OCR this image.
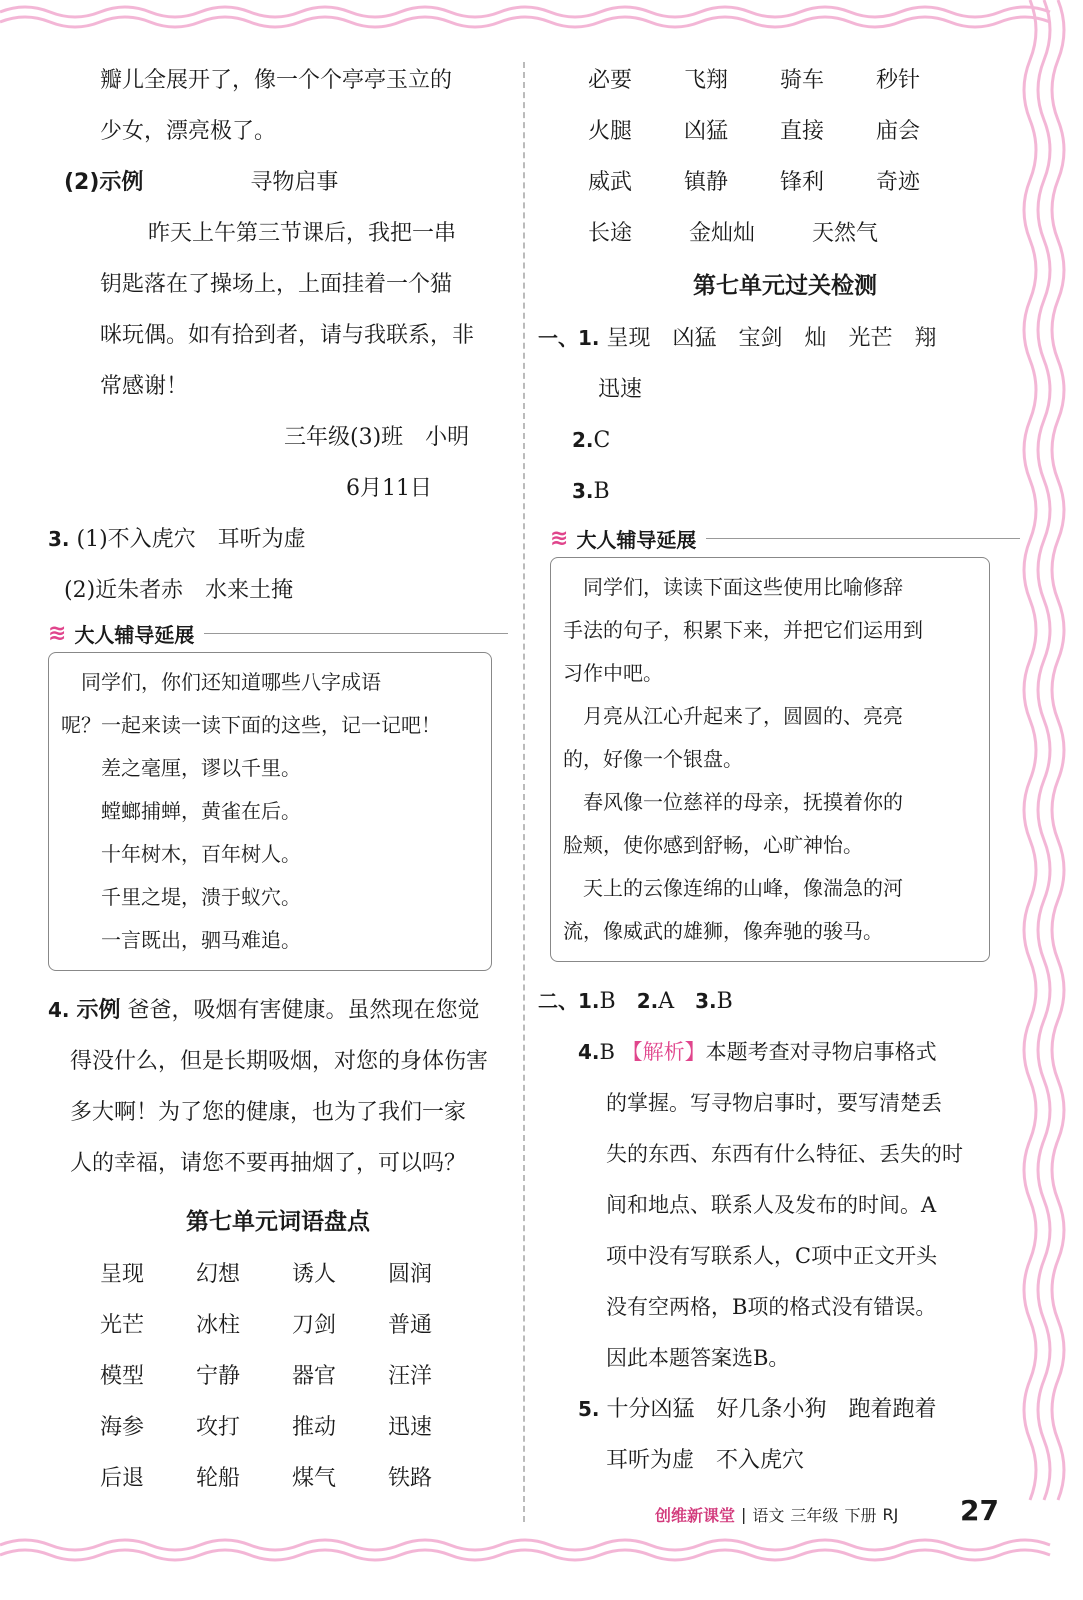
瓣儿全展开了，像一个个亭亭玉立的
少女，漂亮极了。
(2)示例	寻物启事
昨天上午第三节课后，我把一串
钥匙落在了操场上，上面挂着一个猫
咪玩偶。如有拾到者，请与我联系，非
常感谢！
三年级(3)班　小明
6月11日
3. (1)不入虎穴　耳听为虚
(2)近朱者赤　水来土掩
≋ 大人辅导延展
　同学们，你们还知道哪些八字成语
呢？一起来读一读下面的这些，记一记吧！
　　差之毫厘，谬以千里。
　　螳螂捕蝉，黄雀在后。
　　十年树木，百年树人。
　　千里之堤，溃于蚁穴。
　　一言既出，驷马难追。
4. 示例 爸爸，吸烟有害健康。虽然现在您觉
得没什么，但是长期吸烟，对您的身体伤害
多大啊！为了您的健康，也为了我们一家
人的幸福，请您不要再抽烟了，可以吗？
第七单元词语盘点
呈现	幻想	诱人	圆润
光芒	冰柱	刀剑	普通
模型	宁静	器官	汪洋
海参	攻打	推动	迅速
后退	轮船	煤气	铁路
必要	飞翔	骑车	秒针
火腿	凶猛	直接	庙会
威武	镇静	锋利	奇迹
长途	金灿灿	天然气
第七单元过关检测
一、1. 呈现　凶猛　宝剑　灿　光芒　翔
迅速
2.C
3.B
≋ 大人辅导延展
　同学们，读读下面这些使用比喻修辞
手法的句子，积累下来，并把它们运用到
习作中吧。
　月亮从江心升起来了，圆圆的、亮亮
的，好像一个银盘。
　春风像一位慈祥的母亲，抚摸着你的
脸颊，使你感到舒畅，心旷神怡。
　天上的云像连绵的山峰，像湍急的河
流，像威武的雄狮，像奔驰的骏马。
二、1.B 2.A 3.B
4.B 【解析】本题考查对寻物启事格式
的掌握。写寻物启事时，要写清楚丢
失的东西、东西有什么特征、丢失的时
间和地点、联系人及发布的时间。A
项中没有写联系人，C项中正文开头
没有空两格，B项的格式没有错误。
因此本题答案选B。
5. 十分凶猛　好几条小狗　跑着跑着
耳听为虚　不入虎穴
创维新课堂 | 语文 三年级 下册 RJ 27
